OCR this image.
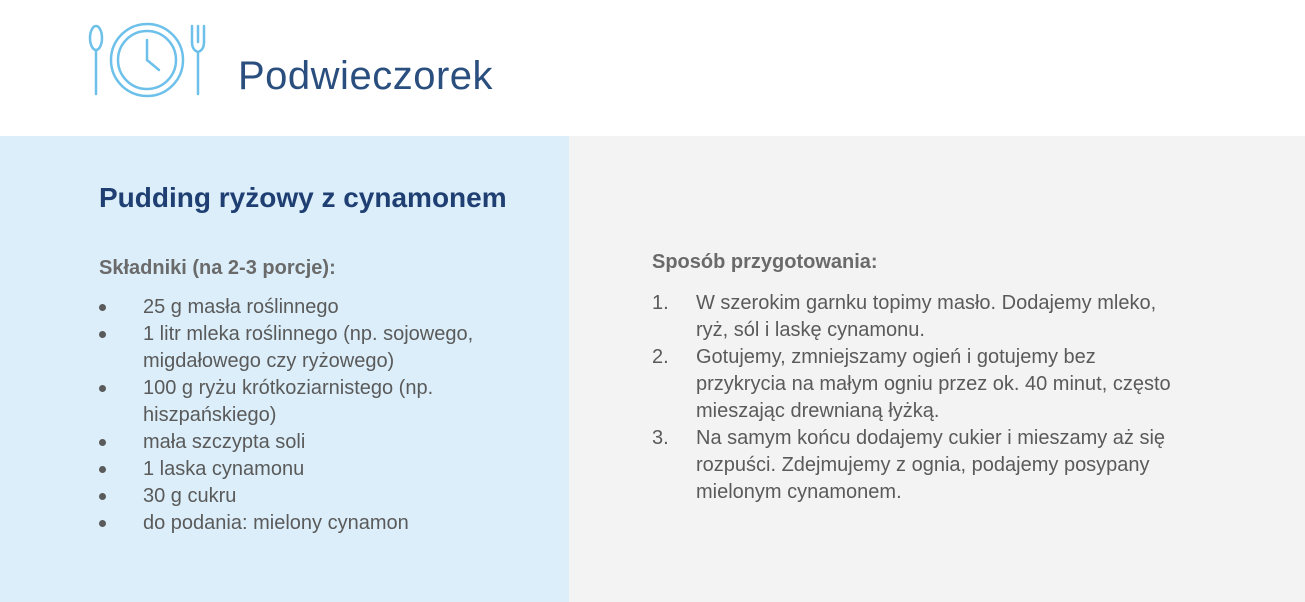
Podwieczorek
Pudding ryżowy z cynamonem
Składniki (na 2-3 porcje):
25 g masła roślinnego
1 litr mleka roślinnego (np. sojowego, migdałowego czy ryżowego)
100 g ryżu krótkoziarnistego (np. hiszpańskiego)
mała szczypta soli
1 laska cynamonu
30 g cukru
do podania: mielony cynamon
Sposób przygotowania:
1. W szerokim garnku topimy masło. Dodajemy mleko, ryż, sól i laskę cynamonu.
2. Gotujemy, zmniejszamy ogień i gotujemy bez przykrycia na małym ogniu przez ok. 40 minut, często mieszając drewnianą łyżką.
3. Na samym końcu dodajemy cukier i mieszamy aż się rozpuści. Zdejmujemy z ognia, podajemy posypany mielonym cynamonem.
